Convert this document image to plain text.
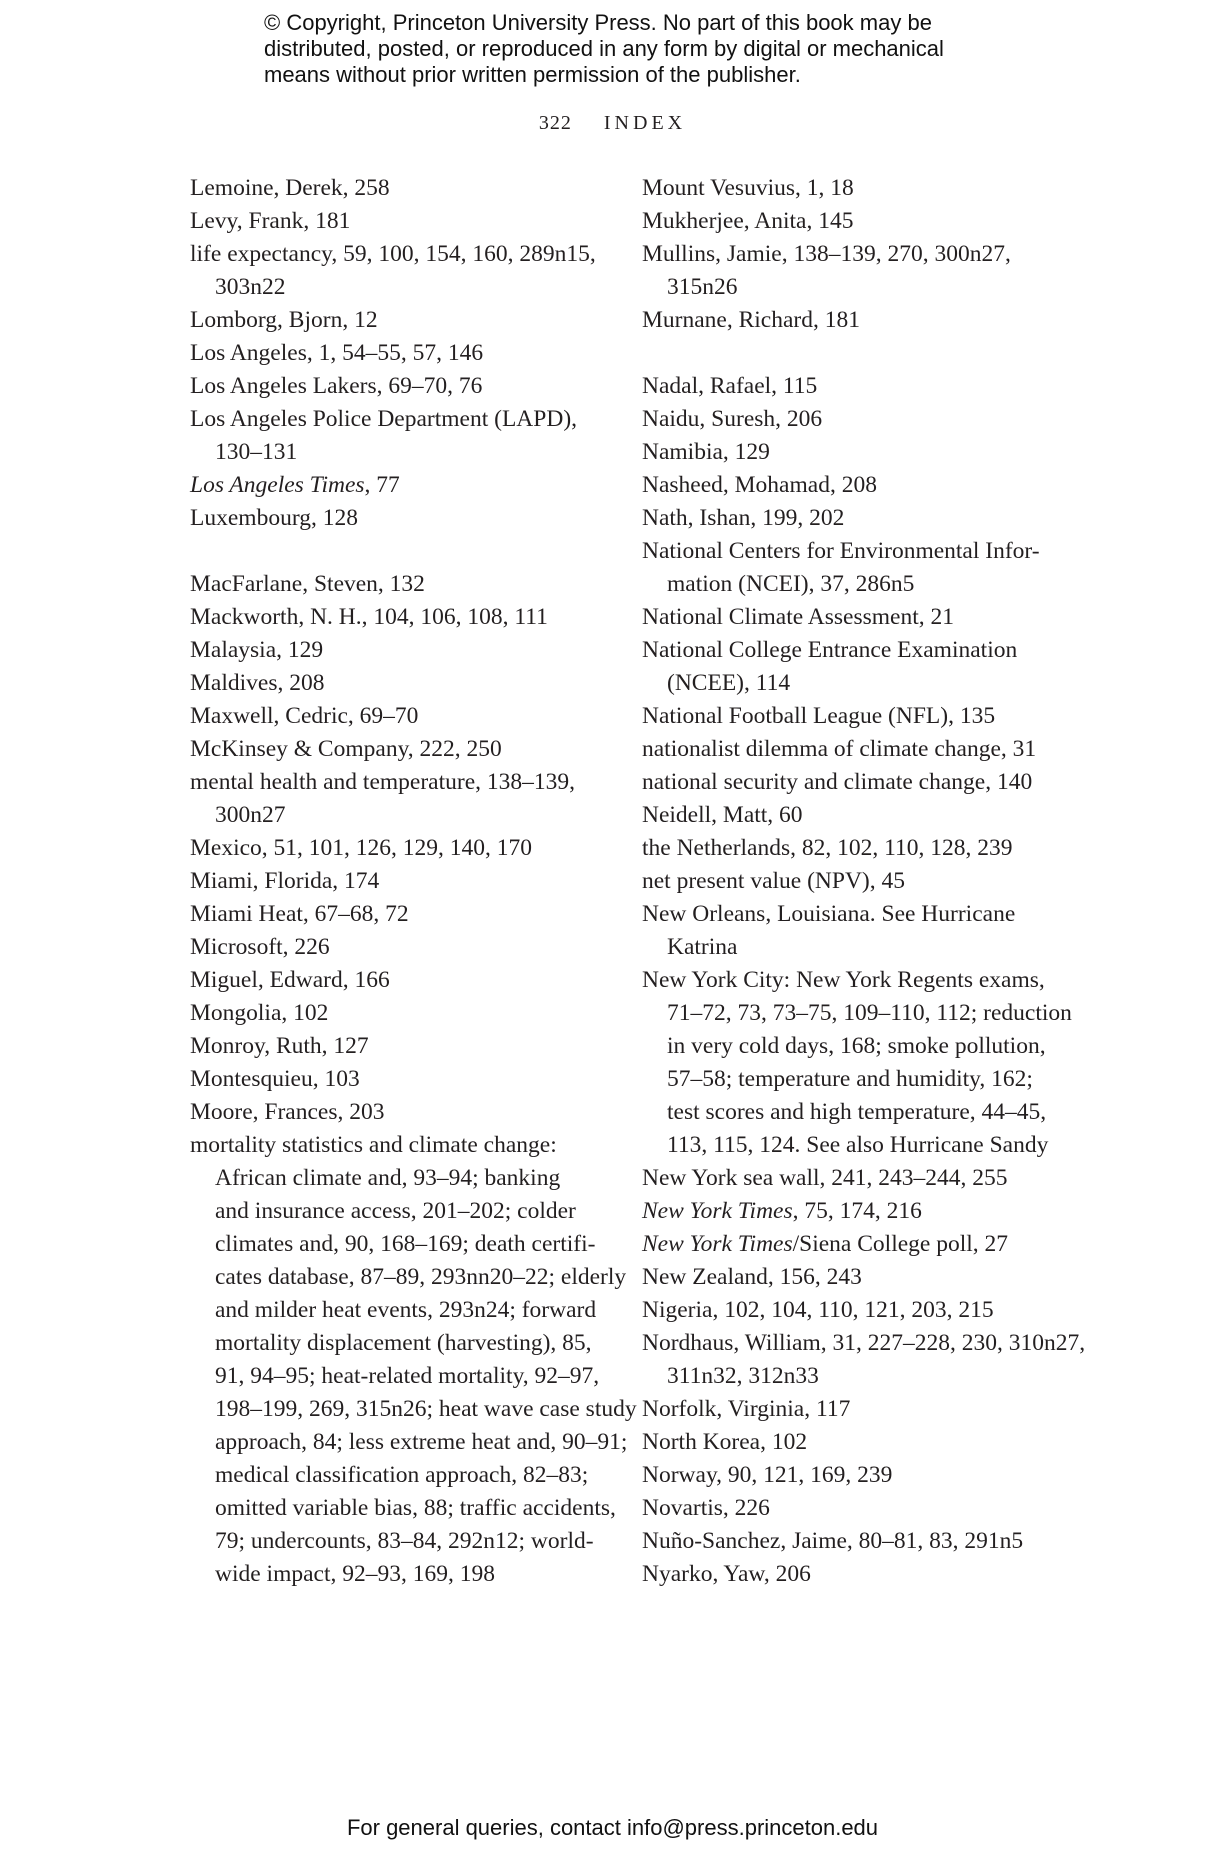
© Copyright, Princeton University Press. No part of this book may be
distributed, posted, or reproduced in any form by digital or mechanical
means without prior written permission of the publisher.
322 INDEX
Lemoine, Derek, 258
Levy, Frank, 181
life expectancy, 59, 100, 154, 160, 289n15,
303n22
Lomborg, Bjorn, 12
Los Angeles, 1, 54–55, 57, 146
Los Angeles Lakers, 69–70, 76
Los Angeles Police Department (LAPD),
130–131
Los Angeles Times, 77
Luxembourg, 128
MacFarlane, Steven, 132
Mackworth, N. H., 104, 106, 108, 111
Malaysia, 129
Maldives, 208
Maxwell, Cedric, 69–70
McKinsey & Company, 222, 250
mental health and temperature, 138–139,
300n27
Mexico, 51, 101, 126, 129, 140, 170
Miami, Florida, 174
Miami Heat, 67–68, 72
Microsoft, 226
Miguel, Edward, 166
Mongolia, 102
Monroy, Ruth, 127
Montesquieu, 103
Moore, Frances, 203
mortality statistics and climate change:
African climate and, 93–94; banking
and insurance access, 201–202; colder
climates and, 90, 168–169; death certifi-
cates database, 87–89, 293nn20–22; elderly
and milder heat events, 293n24; forward
mortality displacement (harvesting), 85,
91, 94–95; heat-related mortality, 92–97,
198–199, 269, 315n26; heat wave case study
approach, 84; less extreme heat and, 90–91;
medical classification approach, 82–83;
omitted variable bias, 88; traffic accidents,
79; undercounts, 83–84, 292n12; world-
wide impact, 92–93, 169, 198
Mount Vesuvius, 1, 18
Mukherjee, Anita, 145
Mullins, Jamie, 138–139, 270, 300n27,
315n26
Murnane, Richard, 181
Nadal, Rafael, 115
Naidu, Suresh, 206
Namibia, 129
Nasheed, Mohamad, 208
Nath, Ishan, 199, 202
National Centers for Environmental Infor-
mation (NCEI), 37, 286n5
National Climate Assessment, 21
National College Entrance Examination
(NCEE), 114
National Football League (NFL), 135
nationalist dilemma of climate change, 31
national security and climate change, 140
Neidell, Matt, 60
the Netherlands, 82, 102, 110, 128, 239
net present value (NPV), 45
New Orleans, Louisiana. See Hurricane
Katrina
New York City: New York Regents exams,
71–72, 73, 73–75, 109–110, 112; reduction
in very cold days, 168; smoke pollution,
57–58; temperature and humidity, 162;
test scores and high temperature, 44–45,
113, 115, 124. See also Hurricane Sandy
New York sea wall, 241, 243–244, 255
New York Times, 75, 174, 216
New York Times/Siena College poll, 27
New Zealand, 156, 243
Nigeria, 102, 104, 110, 121, 203, 215
Nordhaus, William, 31, 227–228, 230, 310n27,
311n32, 312n33
Norfolk, Virginia, 117
North Korea, 102
Norway, 90, 121, 169, 239
Novartis, 226
Nuño-Sanchez, Jaime, 80–81, 83, 291n5
Nyarko, Yaw, 206
For general queries, contact info@press.princeton.edu
